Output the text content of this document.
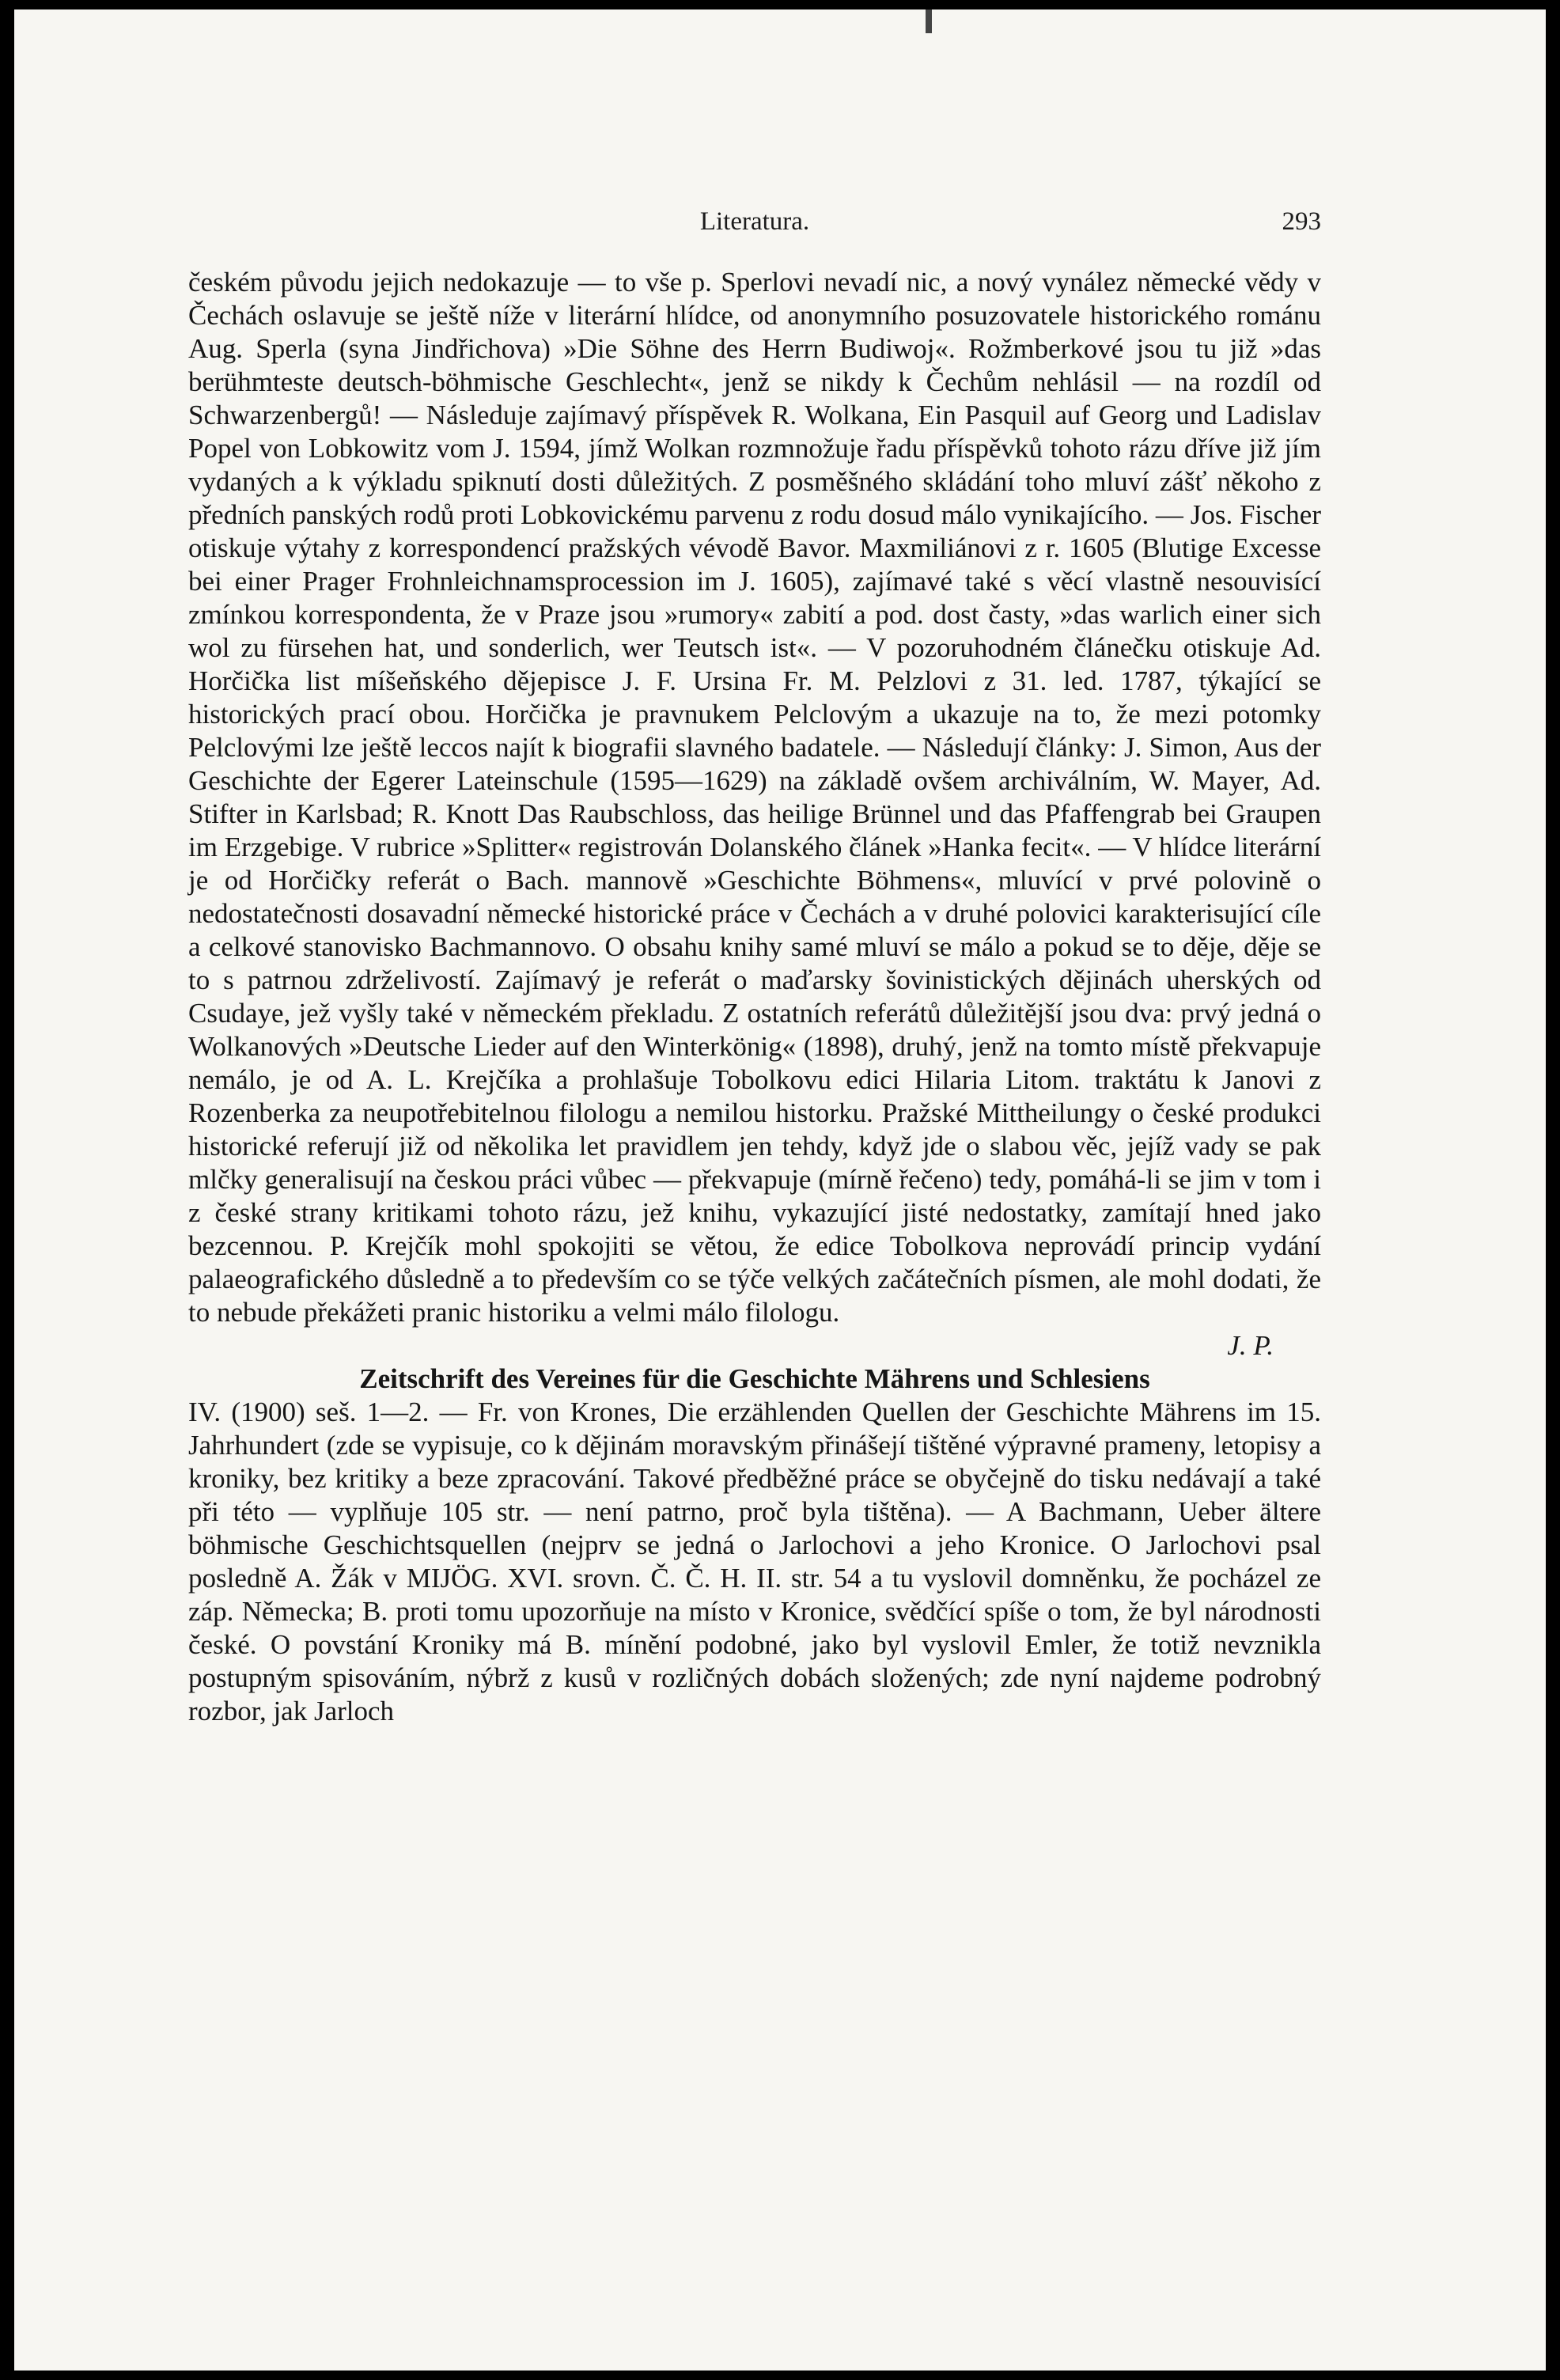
Literatura.	293

českém původu jejich nedokazuje — to vše p. Sperlovi nevadí nic, a nový vynález německé vědy v Čechách oslavuje se ještě níže v literární hlídce, od anonymního posuzovatele historického románu Aug. Sperla (syna Jindřichova) »Die Söhne des Herrn Budiwoj«. Rožmberkové jsou tu již »das berühmteste deutsch-böhmische Geschlecht«, jenž se nikdy k Čechům nehlásil — na rozdíl od Schwarzenbergů! — Následuje zajímavý příspěvek R. Wolkana, Ein Pasquil auf Georg und Ladislav Popel von Lobkowitz vom J. 1594, jímž Wolkan rozmnožuje řadu příspěvků tohoto rázu dříve již jím vydaných a k výkladu spiknutí dosti důležitých. Z posměšného skládání toho mluví zášť někoho z předních panských rodů proti Lobkovickému parvenu z rodu dosud málo vynikajícího. — Jos. Fischer otiskuje výtahy z korrespondencí pražských vévodě Bavor. Maxmiliánovi z r. 1605 (Blutige Excesse bei einer Prager Frohnleichnamsprocession im J. 1605), zajímavé také s věcí vlastně nesouvisící zmínkou korrespondenta, že v Praze jsou »rumory« zabití a pod. dost časty, »das warlich einer sich wol zu fürsehen hat, und sonderlich, wer Teutsch ist«. — V pozoruhodném článečku otiskuje Ad. Horčička list míšeňského dějepisce J. F. Ursina Fr. M. Pelzlovi z 31. led. 1787, týkající se historických prací obou. Horčička je pravnukem Pelclovým a ukazuje na to, že mezi potomky Pelclovými lze ještě leccos najít k biografii slavného badatele. — Následují články: J. Simon, Aus der Geschichte der Egerer Lateinschule (1595—1629) na základě ovšem archiválním, W. Mayer, Ad. Stifter in Karlsbad; R. Knott Das Raubschloss, das heilige Brünnel und das Pfaffengrab bei Graupen im Erzgebige. V rubrice »Splitter« registrován Dolanského článek »Hanka fecit«. — V hlídce literární je od Horčičky referát o Bach. mannově »Geschichte Böhmens«, mluvící v prvé polovině o nedostatečnosti dosavadní německé historické práce v Čechách a v druhé polovici karakterisující cíle a celkové stanovisko Bachmannovo. O obsahu knihy samé mluví se málo a pokud se to děje, děje se to s patrnou zdrželivostí. Zajímavý je referát o maďarsky šovinistických dějinách uherských od Csudaye, jež vyšly také v německém překladu. Z ostatních referátů důležitější jsou dva: prvý jedná o Wolkanových »Deutsche Lieder auf den Winterkönig« (1898), druhý, jenž na tomto místě překvapuje nemálo, je od A. L. Krejčíka a prohlašuje Tobolkovu edici Hilaria Litom. traktátu k Janovi z Rozenberka za neupotřebitelnou filologu a nemilou historku. Pražské Mittheilungy o české produkci historické referují již od několika let pravidlem jen tehdy, když jde o slabou věc, jejíž vady se pak mlčky generalisují na českou práci vůbec — překvapuje (mírně řečeno) tedy, pomáhá-li se jim v tom i z české strany kritikami tohoto rázu, jež knihu, vykazující jisté nedostatky, zamítají hned jako bezcennou. P. Krejčík mohl spokojiti se větou, že edice Tobolkova neprovádí princip vydání palaeografického důsledně a to především co se týče velkých začátečních písmen, ale mohl dodati, že to nebude překážeti pranic historiku a velmi málo filologu.

J. P.

Zeitschrift des Vereines für die Geschichte Mährens und Schlesiens

IV. (1900) seš. 1—2. — Fr. von Krones, Die erzählenden Quellen der Geschichte Mährens im 15. Jahrhundert (zde se vypisuje, co k dějinám moravským přinášejí tištěné výpravné prameny, letopisy a kroniky, bez kritiky a beze zpracování. Takové předběžné práce se obyčejně do tisku nedávají a také při této — vyplňuje 105 str. — není patrno, proč byla tištěna). — A Bachmann, Ueber ältere böhmische Geschichtsquellen (nejprv se jedná o Jarlochovi a jeho Kronice. O Jarlochovi psal posledně A. Žák v MIJÖG. XVI. srovn. Č. Č. H. II. str. 54 a tu vyslovil domněnku, že pocházel ze záp. Německa; B. proti tomu upozorňuje na místo v Kronice, svědčící spíše o tom, že byl národnosti české. O povstání Kroniky má B. mínění podobné, jako byl vyslovil Emler, že totiž nevznikla postupným spisováním, nýbrž z kusů v rozličných dobách složených; zde nyní najdeme podrobný rozbor, jak Jarloch
